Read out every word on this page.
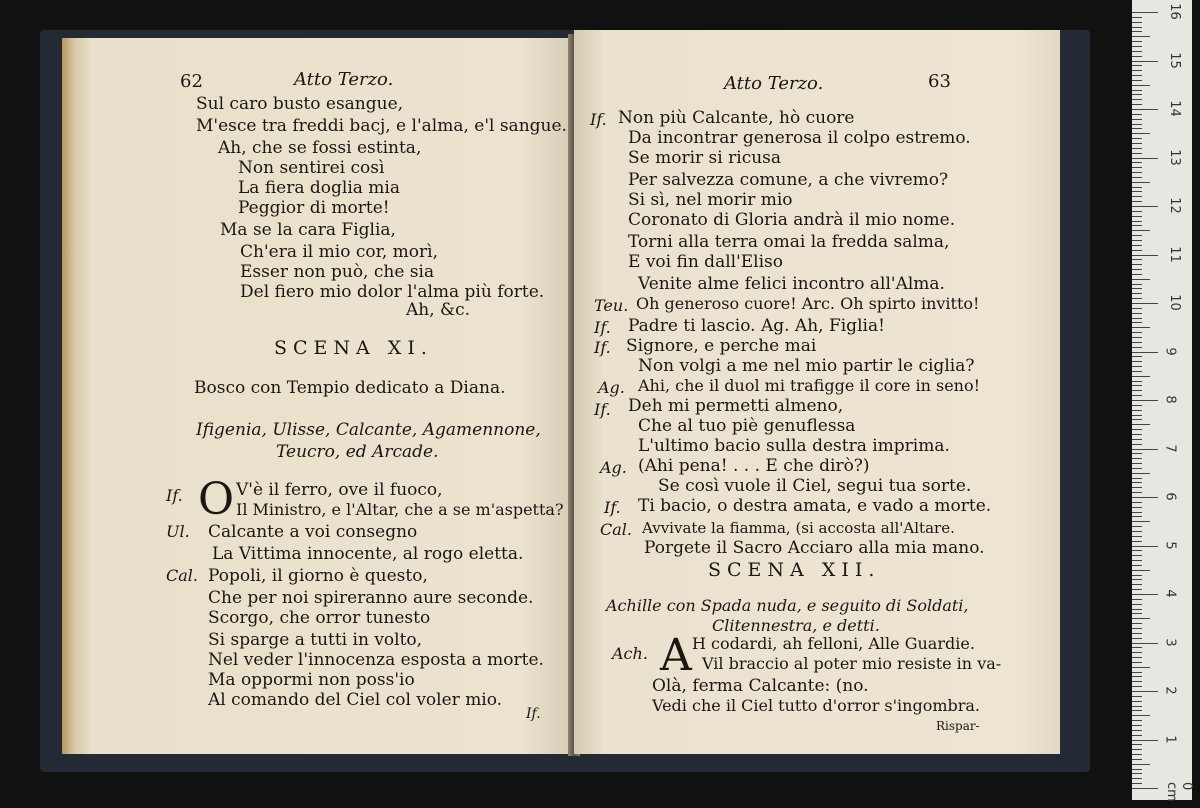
62	Atto Terzo.
Sul caro busto esangue,
M'esce tra freddi bacj, e l'alma, e'l sangue.
Ah, che se fossi estinta,
Non sentirei così
La fiera doglia mia
Peggior di morte!
Ma se la cara Figlia,
Ch'era il mio cor, morì,
Esser non può, che sia
Del fiero mio dolor l'alma più forte.
Ah, &c.
SCENA XI.
Bosco con Tempio dedicato a Diana.
Ifigenia, Ulisse, Calcante, Agamennone,
Teucro, ed Arcade.
If. O V'è il ferro, ove il fuoco,
Il Ministro, e l'Altar, che a se m'aspetta?
Ul. Calcante a voi consegno
La Vittima innocente, al rogo eletta.
Cal. Popoli, il giorno è questo,
Che per noi spireranno aure seconde.
Scorgo, che orror tunesto
Si sparge a tutti in volto,
Nel veder l'innocenza esposta a morte.
Ma oppormi non poss'io
Al comando del Ciel col voler mio.
If.
Atto Terzo.	63
If. Non più Calcante, hò cuore
Da incontrar generosa il colpo estremo.
Se morir si ricusa
Per salvezza comune, a che vivremo?
Si sì, nel morir mio
Coronato di Gloria andrà il mio nome.
Torni alla terra omai la fredda salma,
E voi fin dall'Eliso
Venite alme felici incontro all'Alma.
Teu. Oh generoso cuore! Arc. Oh spirto invitto!
If. Padre ti lascio. Ag. Ah, Figlia!
If. Signore, e perche mai
Non volgi a me nel mio partir le ciglia?
Ag. Ahi, che il duol mi trafigge il core in seno!
If. Deh mi permetti almeno,
Che al tuo piè genuflessa
L'ultimo bacio sulla destra imprima.
Ag. (Ahi pena! . . . E che dirò?)
Se così vuole il Ciel, segui tua sorte.
If. Ti bacio, o destra amata, e vado a morte.
Cal. Avvivate la fiamma, (si accosta all'Altare.
Porgete il Sacro Acciaro alla mia mano.
SCENA XII.
Achille con Spada nuda, e seguito di Soldati,
Clitennestra, e detti.
Ach. A H codardi, ah felloni, Alle Guardie.
Vil braccio al poter mio resiste in va-
Olà, ferma Calcante: (no.
Vedi che il Ciel tutto d'orror s'ingombra.
Rispar-
16
15
14
13
12
11
10
9
8
7
6
5
4
3
2
1
0 cm
